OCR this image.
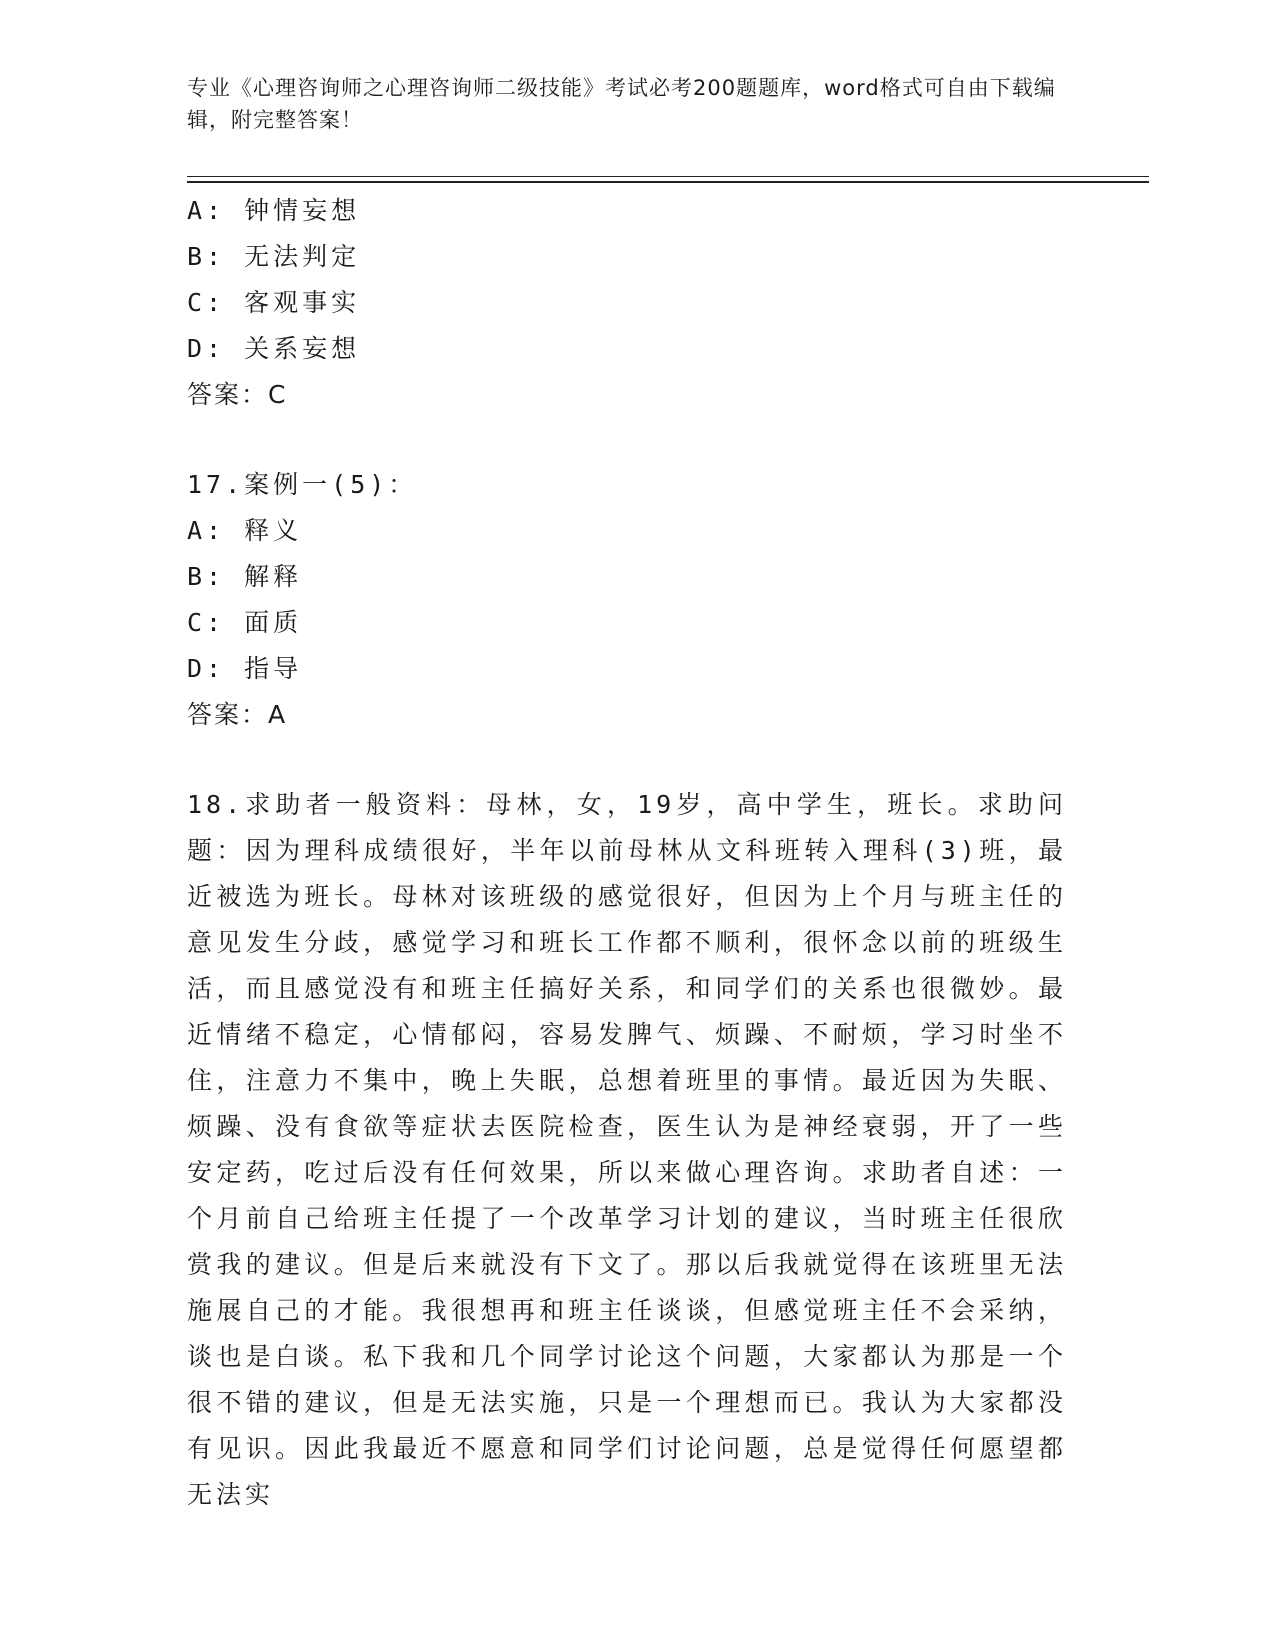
专业《心理咨询师之心理咨询师二级技能》考试必考200题题库，word格式可自由下载编辑，附完整答案！
A: 钟情妄想
B: 无法判定
C: 客观事实
D: 关系妄想
答案：C
17.案例一(5)：
A: 释义
B: 解释
C: 面质
D: 指导
答案：A
18.求助者一般资料：母林，女，19岁，高中学生，班长。求助问题：因为理科成绩很好，半年以前母林从文科班转入理科(3)班，最近被选为班长。母林对该班级的感觉很好，但因为上个月与班主任的意见发生分歧，感觉学习和班长工作都不顺利，很怀念以前的班级生活，而且感觉没有和班主任搞好关系，和同学们的关系也很微妙。最近情绪不稳定，心情郁闷，容易发脾气、烦躁、不耐烦，学习时坐不住，注意力不集中，晚上失眠，总想着班里的事情。最近因为失眠、烦躁、没有食欲等症状去医院检查，医生认为是神经衰弱，开了一些安定药，吃过后没有任何效果，所以来做心理咨询。求助者自述：一个月前自己给班主任提了一个改革学习计划的建议，当时班主任很欣赏我的建议。但是后来就没有下文了。那以后我就觉得在该班里无法施展自己的才能。我很想再和班主任谈谈，但感觉班主任不会采纳，谈也是白谈。私下我和几个同学讨论这个问题，大家都认为那是一个很不错的建议，但是无法实施，只是一个理想而已。我认为大家都没有见识。因此我最近不愿意和同学们讨论问题，总是觉得任何愿望都无法实
